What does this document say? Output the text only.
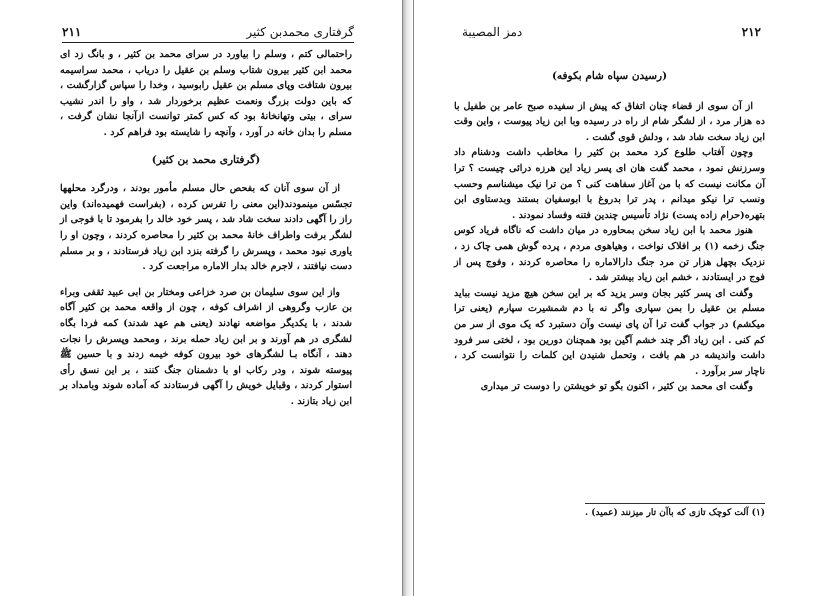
گرفتاری محمدبن کثیر
۲۱۱

راحتمالی کتم ، وسلم را بیاورد در سرای محمد بن کثیر ، و بانگ زد ای محمد ابن کثیر بیرون شتاب وسلم بن عقیل را دریاب ، محمد سراسیمه بیرون شتافت وپای مسلم بن عقیل رابوسید ، وخدا را سپاس گزارگشت ، که باین دولت بزرگ ونعمت عظیم برخوردار شد ، واو را اندر نشیب سرای ، بیتی وتهانخانهٔ بود که کس کمتر توانست ازآنجا نشان گرفت ، مسلم را بدان خانه در آورد ، وآنچه را شایسته بود فراهم کرد .

(گرفتاری محمد بن کثیر)

از آن سوی آنان که بفحص حال مسلم مأمور بودند ، ودرگرد محلهها تجسّس مینمودند(این معنی را تفرس کرده ، (بفراست فهمیده‌اند) واین راز را آگهی دادند سخت شاد شد ، پسر خود خالد را بفرمود تا با فوجی از لشگر برفت واطراف خانهٔ محمد بن کثیر را محاصره کردند ، وچون او را یاوری نبود محمد ، وپسرش را گرفته بنزد ابن زیاد فرستادند ، و بر مسلم دست نیافتند ، لاجرم خالد بدار الاماره مراجعت کرد .

واز این سوی سلیمان بن صرد خزاعی ومختار بن ابی عبید ثقفی وبراء بن عازب وگروهی از اشراف کوفه ، چون از واقعه محمد بن کثیر آگاه شدند ، با یکدیگر مواضعه نهادند (یعنی هم عهد شدند) کمه فردا بگاه لشگری در هم آورند و بر ابن زیاد حمله برند ، ومحمد وپسرش را نجات دهند ، آنگاه بـا لشگرهای خود بیرون کوفه خیمه زدند و با حسین ﷺ پیوسته شوند ، ودر رکاب او با دشمنان جنگ کنند ، بر این نسق رأی استوار کردند ، وقبایل خویش را آگهی فرستادند که آماده شوند وبامداد بر ابن زیاد بتازند .

۲۱۲
دمز المصیبة
(رسیدن سپاه شام بکوفه)

از آن سوی از قضاء چنان اتفاق که پیش از سفیده صبح عامر بن طفیل با ده هزار مرد ، از لشگر شام از راه در رسیده وبا ابن زیاد پیوست ، واین وقت ابن زیاد سخت شاد شد ، ودلش قوی گشت .

وچون آفتاب طلوع کرد محمد بن کثیر را مخاطب داشت ودشنام داد وسرزنش نمود ، محمد گفت هان ای پسر زیاد این هرزه درائی چیست ؟ ترا آن مکانت نیست که با من آغاز سفاهت کنی ؟ من ترا نیک میشناسم وحسب ونسب ترا نیکو میدانم ، پدر ترا بدروغ با ابوسفیان بستند وبدستاوی ابن بتهره(حرام زاده پست) نژاد تأسیس چندین فتنه وفساد نمودند .

هنوز محمد با ابن زیاد سخن بمحاوره در میان داشت که ناگاه فریاد کوس جنگ زخمه (۱) بر افلاک نواخت ، وهیاهوی مردم ، پرده گوش همی چاک زد ، نزدیک بچهل هزار تن مرد جنگ دارالاماره را محاصره کردند ، وفوج پس از فوج در ایستادند ، خشم ابن زیاد بیشتر شد .

وگفت ای پسر کثیر بجان وسر یزید که بر این سخن هیچ مزید نیست بباید مسلم بن عقیل را بمن سپاری واگر نه با دم شمشیرت سپارم (یعنی ترا میکشم) در جواب گفت ترا آن پای نیست وآن دستبرد که یک موی از سر من کم کنی . ابن زیاد اگر چند خشم آگین بود همچنان دورین بود ، لختی سر فرود داشت واندیشه در هم بافت ، وتحمل شنیدن این کلمات را نتوانست کرد ، ناچار سر برآورد .

وگفت ای محمد بن کثیر ، اکنون بگو تو خویشتن را دوست تر میداری

(۱) آلت کوچک تازی که باآن تار میزنند (عمید) .
